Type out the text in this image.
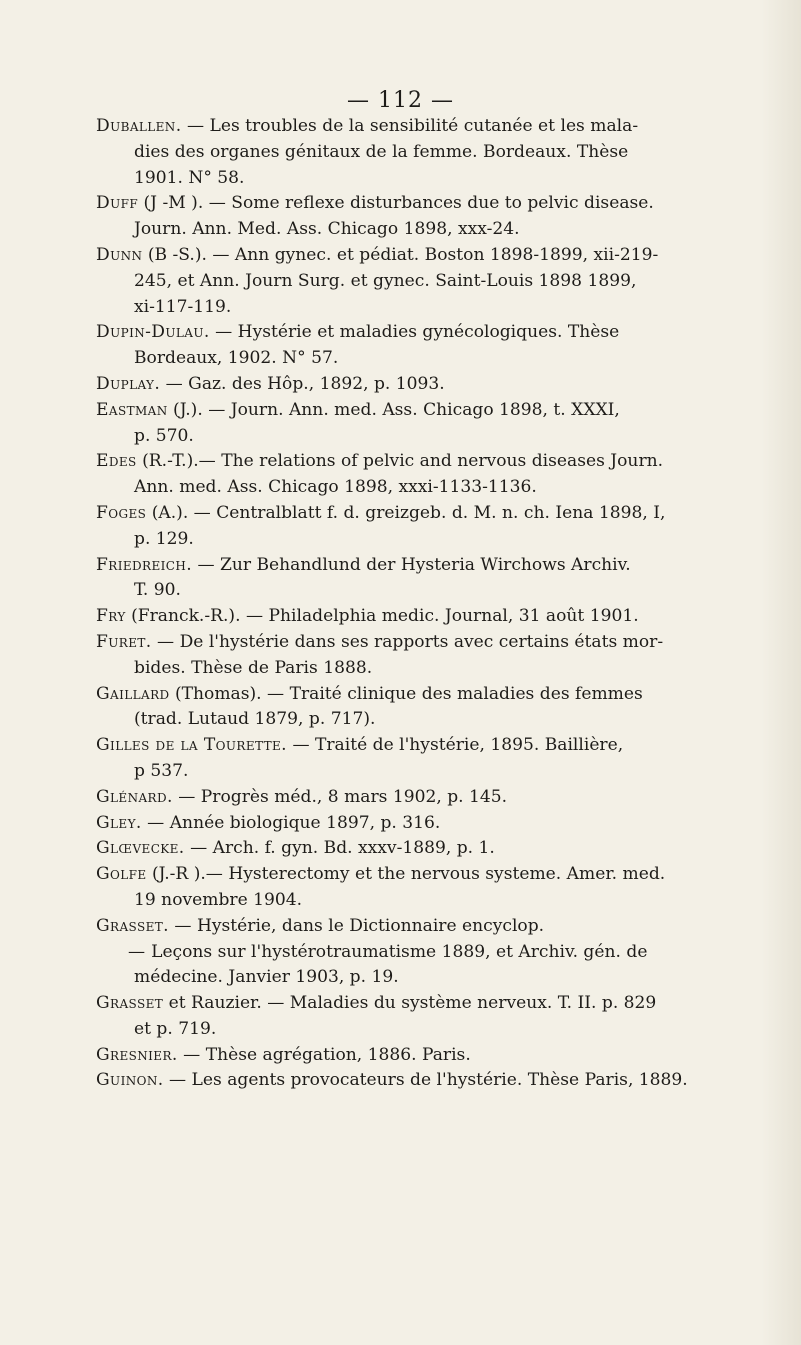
— 112 —
Duballen. — Les troubles de la sensibilité cutanée et les mala-
dies des organes génitaux de la femme. Bordeaux. Thèse
1901. N° 58.
Duff (J -M ). — Some reflexe disturbances due to pelvic disease.
Journ. Ann. Med. Ass. Chicago 1898, xxx-24.
Dunn (B -S.). — Ann gynec. et pédiat. Boston 1898-1899, xii-219-
245, et Ann. Journ Surg. et gynec. Saint-Louis 1898 1899,
xi-117-119.
Dupin-Dulau. — Hystérie et maladies gynécologiques. Thèse
Bordeaux, 1902. N° 57.
Duplay. — Gaz. des Hôp., 1892, p. 1093.
Eastman (J.). — Journ. Ann. med. Ass. Chicago 1898, t. XXXI,
p. 570.
Edes (R.-T.).— The relations of pelvic and nervous diseases Journ.
Ann. med. Ass. Chicago 1898, xxxi-1133-1136.
Foges (A.). — Centralblatt f. d. greizgeb. d. M. n. ch. Iena 1898, I,
p. 129.
Friedreich. — Zur Behandlund der Hysteria Wirchows Archiv.
T. 90.
Fry (Franck.-R.). — Philadelphia medic. Journal, 31 août 1901.
Furet. — De l'hystérie dans ses rapports avec certains états mor-
bides. Thèse de Paris 1888.
Gaillard (Thomas). — Traité clinique des maladies des femmes
(trad. Lutaud 1879, p. 717).
Gilles de la Tourette. — Traité de l'hystérie, 1895. Baillière,
p 537.
Glénard. — Progrès méd., 8 mars 1902, p. 145.
Gley. — Année biologique 1897, p. 316.
Glœvecke. — Arch. f. gyn. Bd. xxxv-1889, p. 1.
Golfe (J.-R ).— Hysterectomy et the nervous systeme. Amer. med.
19 novembre 1904.
Grasset. — Hystérie, dans le Dictionnaire encyclop.
— Leçons sur l'hystérotraumatisme 1889, et Archiv. gén. de
médecine. Janvier 1903, p. 19.
Grasset et Rauzier. — Maladies du système nerveux. T. II. p. 829
et p. 719.
Gresnier. — Thèse agrégation, 1886. Paris.
Guinon. — Les agents provocateurs de l'hystérie. Thèse Paris, 1889.
